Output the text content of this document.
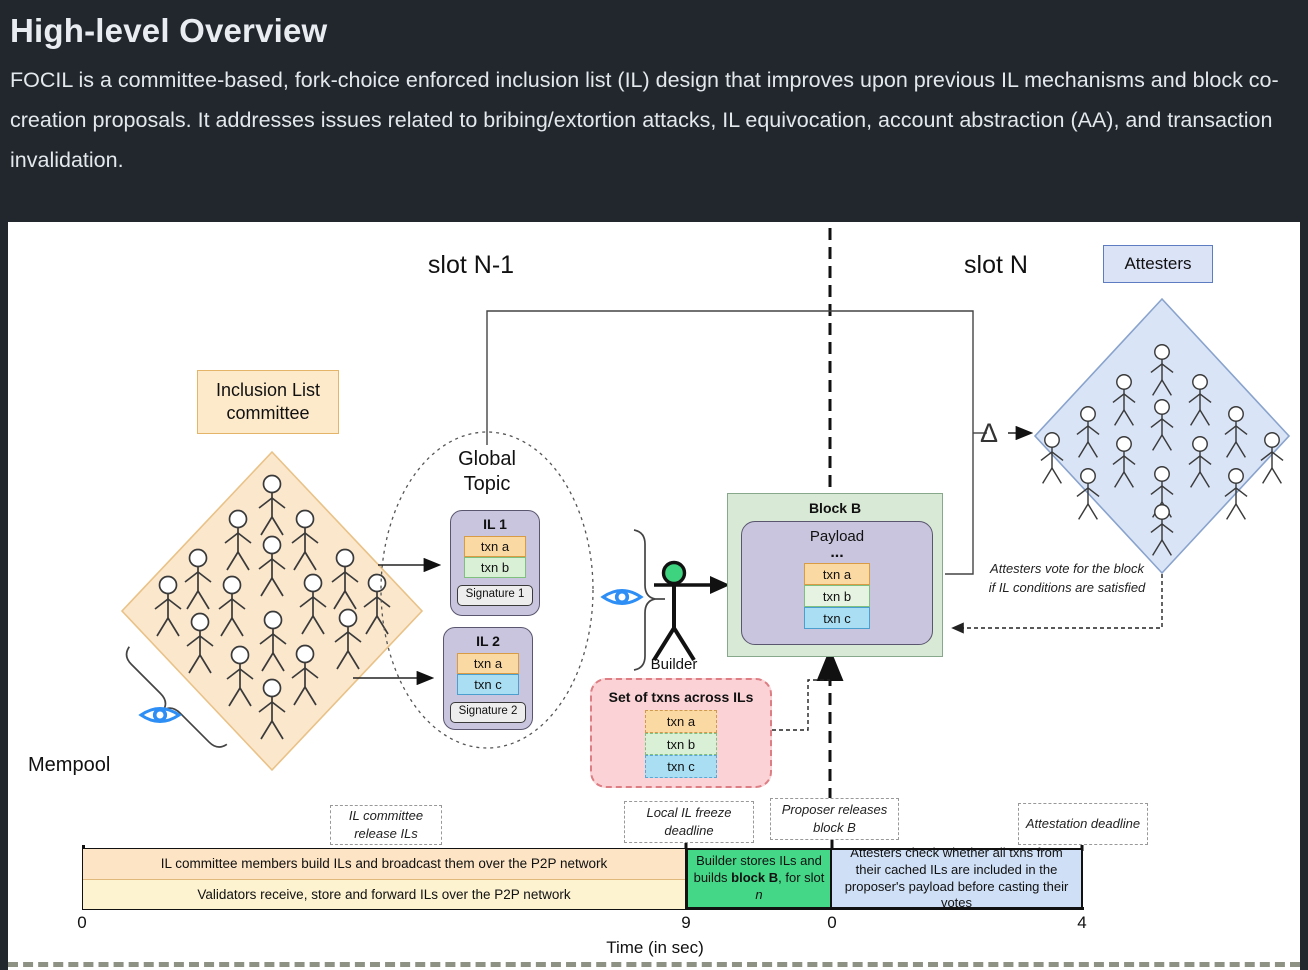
High-level Overview

FOCIL is a committee-based, fork-choice enforced inclusion list (IL) design that improves upon previous IL mechanisms and block co-creation proposals. It addresses issues related to bribing/extortion attacks, IL equivocation, account abstraction (AA), and transaction invalidation.

slot N-1	slot N	Attesters
Inclusion List committee
Global Topic
Mempool
Builder
Δ
Attesters vote for the block if IL conditions are satisfied
IL 1
txn a
txn b
Signature 1
IL 2
txn a
txn c
Signature 2
Block B
Payload
...
txn a
txn b
txn c
Set of txns across ILs
txn a
txn b
txn c
IL committee release ILs
Local IL freeze deadline
Proposer releases block B	Attestation deadline
IL committee members build ILs and broadcast them over the P2P network
Validators receive, store and forward ILs over the P2P network
Builder stores ILs and builds block B, for slot n
Attesters check whether all txns from their cached ILs are included in the proposer's payload before casting their votes
0	9	0	4
Time (in sec)
